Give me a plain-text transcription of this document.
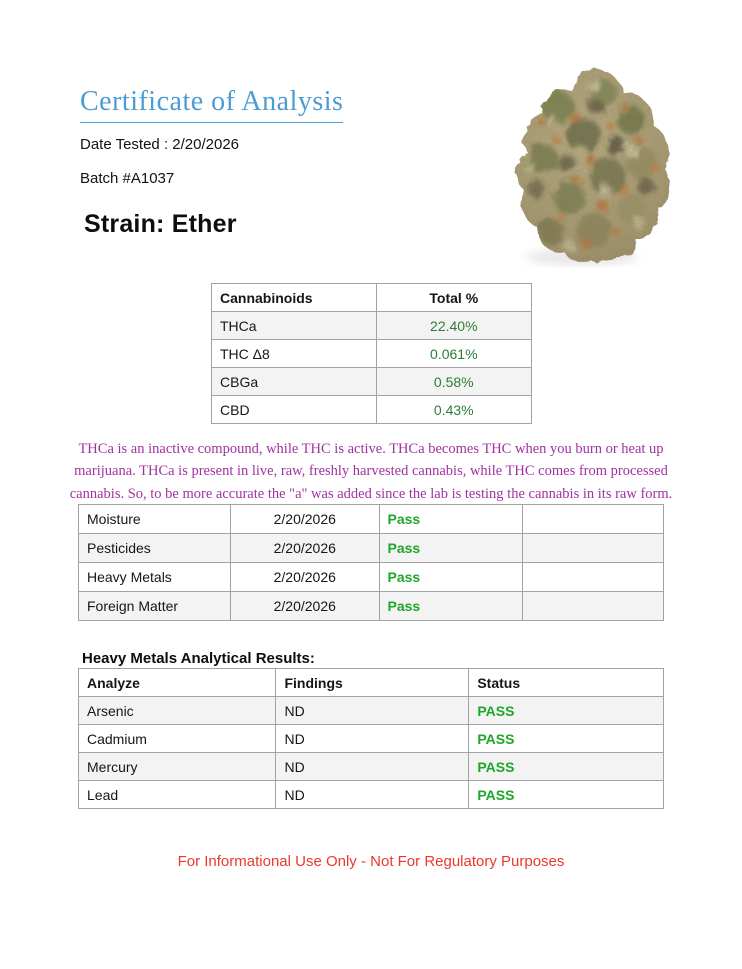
Certificate of Analysis
Date Tested : 2/20/2026
Batch #A1037
Strain: Ether
Cannabinoids	Total %
THCa	22.40%
THC Δ8	0.061%
CBGa	0.58%
CBD	0.43%

THCa is an inactive compound, while THC is active. THCa becomes THC when you burn or heat up marijuana. THCa is present in live, raw, freshly harvested cannabis, while THC comes from processed cannabis. So, to be more accurate the "a" was added since the lab is testing the cannabis in its raw form.

Moisture	2/20/2026	Pass	
Pesticides	2/20/2026	Pass	
Heavy Metals	2/20/2026	Pass	
Foreign Matter	2/20/2026	Pass	
Heavy Metals Analytical Results:
Analyze	Findings	Status
Arsenic	ND	PASS
Cadmium	ND	PASS
Mercury	ND	PASS
Lead	ND	PASS
For Informational Use Only - Not For Regulatory Purposes
